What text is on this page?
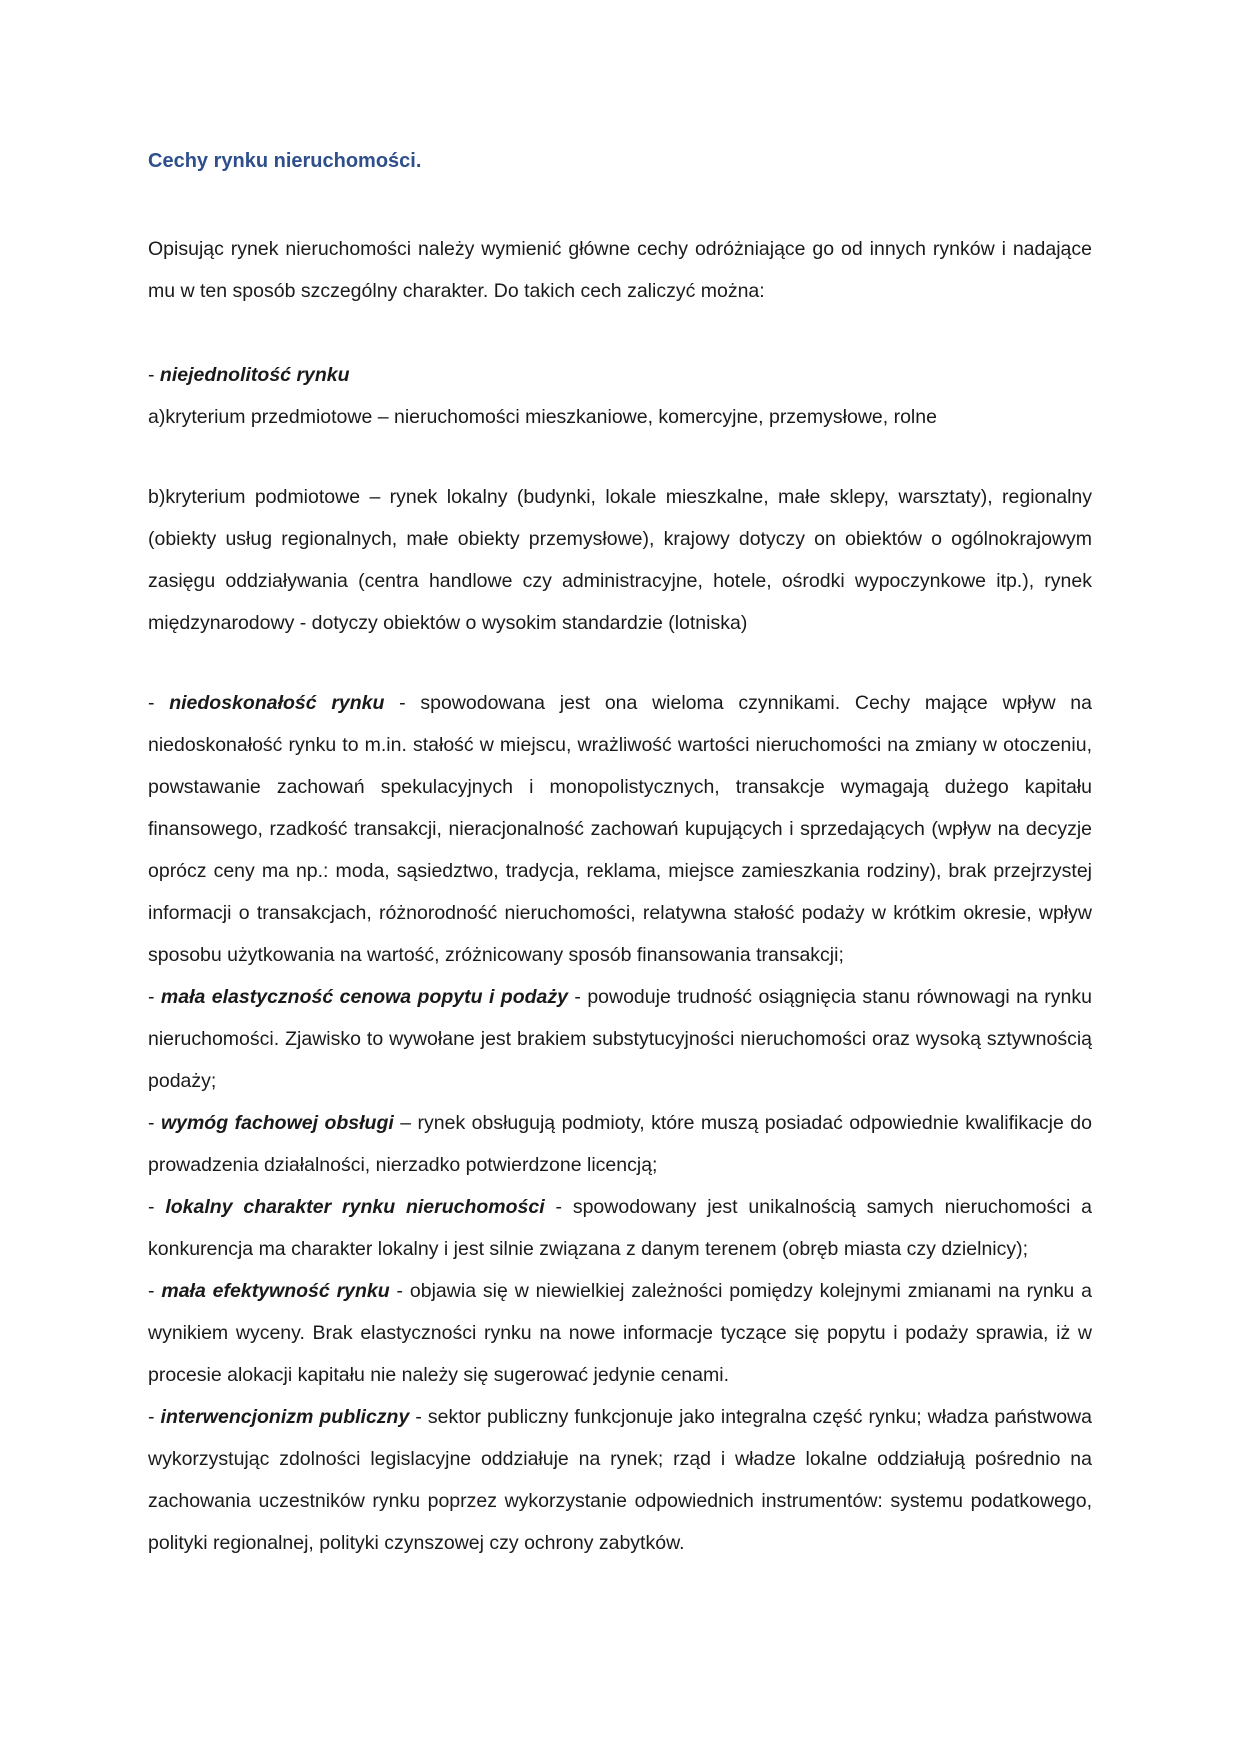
Cechy rynku nieruchomości.

Opisując rynek nieruchomości należy wymienić główne cechy odróżniające go od innych rynków i nadające mu w ten sposób szczególny charakter. Do takich cech zaliczyć można:

- niejednolitość rynku

a)kryterium przedmiotowe – nieruchomości mieszkaniowe, komercyjne, przemysłowe, rolne

b)kryterium podmiotowe – rynek lokalny (budynki, lokale mieszkalne, małe sklepy, warsztaty), regionalny (obiekty usług regionalnych, małe obiekty przemysłowe), krajowy dotyczy on obiektów o ogólnokrajowym zasięgu oddziaływania (centra handlowe czy administracyjne, hotele, ośrodki wypoczynkowe itp.), rynek międzynarodowy - dotyczy obiektów o wysokim standardzie (lotniska)

- niedoskonałość rynku - spowodowana jest ona wieloma czynnikami. Cechy mające wpływ na niedoskonałość rynku to m.in. stałość w miejscu, wrażliwość wartości nieruchomości na zmiany w otoczeniu, powstawanie zachowań spekulacyjnych i monopolistycznych, transakcje wymagają dużego kapitału finansowego, rzadkość transakcji, nieracjonalność zachowań kupujących i sprzedających (wpływ na decyzje oprócz ceny ma np.: moda, sąsiedztwo, tradycja, reklama, miejsce zamieszkania rodziny), brak przejrzystej informacji o transakcjach, różnorodność nieruchomości, relatywna stałość podaży w krótkim okresie, wpływ sposobu użytkowania na wartość, zróżnicowany sposób finansowania transakcji;

- mała elastyczność cenowa popytu i podaży - powoduje trudność osiągnięcia stanu równowagi na rynku nieruchomości. Zjawisko to wywołane jest brakiem substytucyjności nieruchomości oraz wysoką sztywnością podaży;

- wymóg fachowej obsługi – rynek obsługują podmioty, które muszą posiadać odpowiednie kwalifikacje do prowadzenia działalności, nierzadko potwierdzone licencją;

- lokalny charakter rynku nieruchomości - spowodowany jest unikalnością samych nieruchomości a konkurencja ma charakter lokalny i jest silnie związana z danym terenem (obręb miasta czy dzielnicy);

- mała efektywność rynku - objawia się w niewielkiej zależności pomiędzy kolejnymi zmianami na rynku a wynikiem wyceny. Brak elastyczności rynku na nowe informacje tyczące się popytu i podaży sprawia, iż w procesie alokacji kapitału nie należy się sugerować jedynie cenami.

- interwencjonizm publiczny - sektor publiczny funkcjonuje jako integralna część rynku; władza państwowa wykorzystując zdolności legislacyjne oddziałuje na rynek; rząd i władze lokalne oddziałują pośrednio na zachowania uczestników rynku poprzez wykorzystanie odpowiednich instrumentów: systemu podatkowego, polityki regionalnej, polityki czynszowej czy ochrony zabytków.
